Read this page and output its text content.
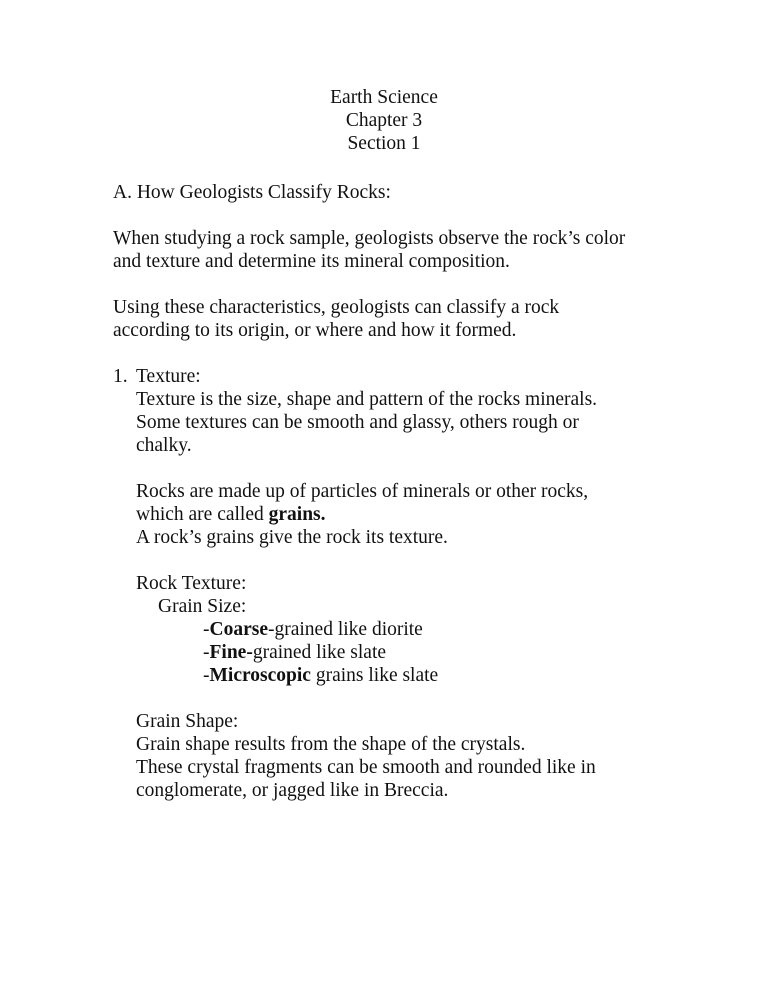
Earth Science
Chapter 3
Section 1
A. How Geologists Classify Rocks:
When studying a rock sample, geologists observe the rock’s color
and texture and determine its mineral composition.
Using these characteristics, geologists can classify a rock
according to its origin, or where and how it formed.
1. Texture:
Texture is the size, shape and pattern of the rocks minerals.
Some textures can be smooth and glassy, others rough or
chalky.
Rocks are made up of particles of minerals or other rocks,
which are called grains.
A rock’s grains give the rock its texture.
Rock Texture:
Grain Size:
-Coarse-grained like diorite
-Fine-grained like slate
-Microscopic grains like slate
Grain Shape:
Grain shape results from the shape of the crystals.
These crystal fragments can be smooth and rounded like in
conglomerate, or jagged like in Breccia.
